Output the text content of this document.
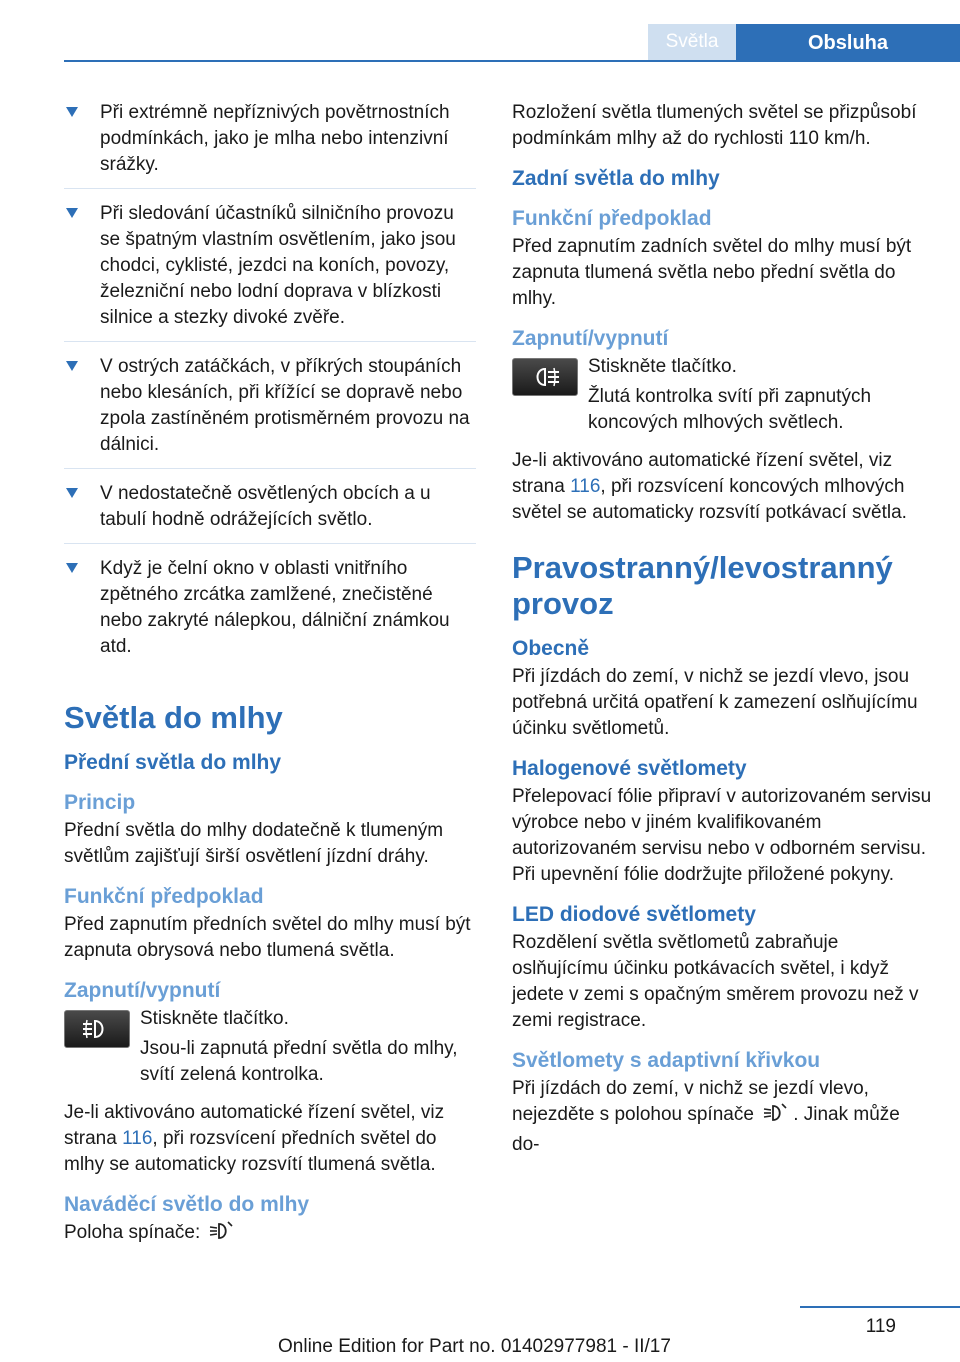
Světla	Obsluha
Při extrémně nepříznivých povětrnostních podmínkách, jako je mlha nebo intenzivní srážky.
Při sledování účastníků silničního provozu se špatným vlastním osvětlením, jako jsou chodci, cyklisté, jezdci na koních, povozy, železniční nebo lodní doprava v blízkosti silnice a stezky divoké zvěře.
V ostrých zatáčkách, v příkrých stoupáních nebo klesáních, při křížící se dopravě nebo zpola zastíněném protisměrném provozu na dálnici.
V nedostatečně osvětlených obcích a u tabulí hodně odrážejících světlo.
Když je čelní okno v oblasti vnitřního zpětného zrcátka zamlžené, znečistěné nebo zakryté nálepkou, dálniční známkou atd.
Světla do mlhy
Přední světla do mlhy
Princip

Přední světla do mlhy dodatečně k tlumeným světlům zajišťují širší osvětlení jízdní dráhy.

Funkční předpoklad

Před zapnutím předních světel do mlhy musí být zapnuta obrysová nebo tlumená světla.

Zapnutí/vypnutí

Stiskněte tlačítko.

Jsou-li zapnutá přední světla do mlhy, svítí zelená kontrolka.

Je-li aktivováno automatické řízení světel, viz strana 116, při rozsvícení předních světel do mlhy se automaticky rozsvítí tlumená světla.

Naváděcí světlo do mlhy

Poloha spínače:

Rozložení světla tlumených světel se přizpůsobí podmínkám mlhy až do rychlosti 110 km/h.

Zadní světla do mlhy
Funkční předpoklad

Před zapnutím zadních světel do mlhy musí být zapnuta tlumená světla nebo přední světla do mlhy.

Zapnutí/vypnutí

Stiskněte tlačítko.

Žlutá kontrolka svítí při zapnutých koncových mlhových světlech.

Je-li aktivováno automatické řízení světel, viz strana 116, při rozsvícení koncových mlhových světel se automaticky rozsvítí potkávací světla.

Pravostranný/levostranný provoz
Obecně

Při jízdách do zemí, v nichž se jezdí vlevo, jsou potřebná určitá opatření k zamezení oslňujícímu účinku světlometů.

Halogenové světlomety

Přelepovací fólie připraví v autorizovaném servisu výrobce nebo v jiném kvalifikovaném autorizovaném servisu nebo v odborném servisu. Při upevnění fólie dodržujte přiložené pokyny.

LED diodové světlomety

Rozdělení světla světlometů zabraňuje oslňujícímu účinku potkávacích světel, i když jedete v zemi s opačným směrem provozu než v zemi registrace.

Světlomety s adaptivní křivkou

Při jízdách do zemí, v nichž se jezdí vlevo, nejezděte s polohou spínače . Jinak může do-

119
Online Edition for Part no. 01402977981 - II/17
